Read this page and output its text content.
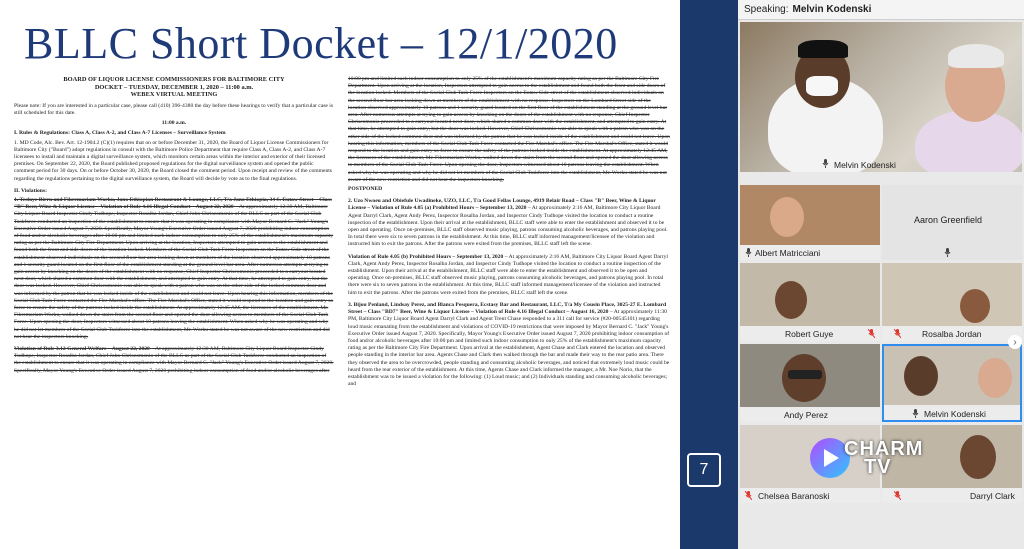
BLLC Short Docket – 12/1/2020
BOARD OF LIQUOR LICENSE COMMISSIONERS FOR BALTIMORE CITY
DOCKET – TUESDAY, DECEMBER 1, 2020 – 11:00 a.m.
WEBEX VIRTUAL MEETING

Please note: If you are interested in a particular case, please call (410) 396-4380 the day before these hearings to verify that a particular case is still scheduled for this date.

11:00 a.m.

I. Rules & Regulations: Class A, Class A-2, and Class A-7 Licenses – Surveillance System

1. MD Code, Alc. Bev. Art. 12-1904.2 (C)(1) requires that on or before December 31, 2020, the Board of Liquor License Commissioners for Baltimore City ("Board") adopt regulations in consult with the Baltimore Police Department that require Class A, Class A-2, and Class A-7 licensees to install and maintain a digital surveillance system, which monitors certain areas within the interior and exterior of their licensed premises. On September 22, 2020, the Board published proposed regulations for the digital surveillance system and opened the public comment period for 30 days. On or before October 30, 2020, the Board closed the comment period. Upon receipt and review of the comments regarding the regulations pertaining to the digital surveillance system, the Board will decide by vote as to the final regulations.

II. Violations:

1. Tesfaye Birru and Fikremariam Worku, Jano Ethiopian Restaurant & Lounge, LLC, T/a Jano Ethiopia, 34 S. Eutaw Street – Class "B" Beer, Wine & Liquor License – Violation of Rule 4.16 Illegal Conduct – August 22, 2020 – At approximately 12:30 AM, Baltimore City Liquor Board Inspector Cindy Tudhope, Inspector Rosalba Jordan, Chief John Chriscomonio of the BLLC as part of the Social Club Taskforce conducted an inspection of the establishment to ensure that it was operating in compliance with Mayor Bernard C. "Jack" Young's Executive Order issued August 7, 2020. Specifically, Mayor Young's Executive Order issued August 7, 2020 prohibiting indoor consumption of food and/or alcoholic beverages after 10:00 pm and limited such indoor consumption to only 25% of the establishment's maximum capacity rating as per the Baltimore City Fire Department. Upon arriving at the location, Inspectors attempted to gain access to the establishment and found both the front and side doors of the location locked. Members of the Social Club Task Force Inspectors on the Eutaw Side street of the establishment observed individuals on the second floor bar area looking down at members of the location observed approximately 10 patrons and 1 security guard located on the first floor of the establishment standing at the ground level bar area. After numerous attempts at trying to gain access by knocking on the doors of the establishment with no response, Chief Inspector Chriscomonio proceeded to a carryout located next door, which shared a common door with the establishment, and attempted to gain entry. At that time, he attempted to gain entry, but the door was locked. However, Chief Chriscomonio was able to speak with a patron who was on the other side of the locked common door and was informed by the patron that he was locked inside of the establishment and could not leave. Upon hearing this information, members of the Social Club Task Force contacted the Fire Marshal's office. The Fire Marshal's Office, stated it would respond to the location and gain entry so force to ensure the safety of the patrons locked inside the establishment. At approximately 12:45 AM, the licensees of the establishment, Mr. Fikremariam Worku, walked down the stairs from the second floor and opened the door allowing access to members of the Social Club Task Force. Upon opening the door, Inspectors witnessed about 10 patrons leaving the establishment. When asked why he was operating and why he did not let members of the Social Club Taskforce into the establishment, Mr. Worku stated he was not aware of the new restriction and did not hear the inspectors knocking.

Violation of Rule 3.12 General Welfare – August 22, 2020 – At approximately 12:30 AM, Baltimore City Liquor Board Inspector Cindy Tudhope, Inspector Rosalba Jordan, Chief John Chriscomonio of the BLLC as part of the Social Club Taskforce conducted an inspection of the establishment to ensure that it was operating in compliance with Mayor Bernard C. "Jack" Young's Executive Order issued August 7, 2020. Specifically, Mayor Young's Executive Order issued August 7, 2020 prohibiting indoor consumption of food and/or alcoholic beverages after

10:00 pm and limited such indoor consumption to only 25% of the establishment's maximum capacity rating as per the Baltimore City Fire Department. Upon arriving at the location, Inspectors attempted to gain access to the establishment and found both the front and side doors of the location locked. Members of the Social Club Task Force Inspectors on the Eutaw Side street of the establishment observed individuals on the second floor bar area looking down at members of the establishment with no response. Inspectors on the Lombard Street side of the location observed approximately 10 patrons and 1 security guard located on the first floor of the establishment standing at the ground level bar area. After numerous attempts at trying to gain access by knocking on the doors of the establishment with no response, Chief Inspector Chriscomonio proceeded to a carryout located next door, which shared a common door with the establishment, and attempted to gain entry. At that time, he attempted to gain entry, but the door was locked. However, Chief Chriscomonio was able to speak with a patron who was on the other side of the locked common door and was informed by the patron that he was locked inside of the establishment and could not leave. Upon hearing this information, members of the Social Club Task Force contacted the Fire Marshal's office. The Fire Marshal's Office, stated it would respond to the location and gain entry so force to ensure the safety of the patrons locked inside the establishment. At approximately 12:45 AM, the licensees of the establishment, Mr. Fikremariam Worku, walked down the stairs from the second floor and opened the door allowing access to members of the Social Club Task Force. Upon opening the door, Inspectors witnessed about 10 patrons leaving the establishment. When asked why he was operating and why he did not let members of the Social Club Taskforce into the establishment, Mr. Worku stated he was not aware of the new restriction and did not hear the inspectors knocking.

POSTPONED

2. Uzo Nwoeu and Obiefule Uwadineke, UZO, LLC, T/a Good Fellas Lounge, 4919 Belair Road – Class "B" Beer, Wine & Liquor License – Violation of Rule 4.05 (a) Prohibited Hours – September 13, 2020 – At approximately 2:16 AM, Baltimore City Liquor Board Agent Darryl Clark, Agent Andy Perez, Inspector Rosalba Jordan, and Inspector Cindy Tudhope visited the location to conduct a routine inspection of the establishment. Upon their arrival at the establishment, BLLC staff were able to enter the establishment and observed it to be open and operating. Once on-premises, BLLC staff observed music playing, patrons consuming alcoholic beverages, and patrons playing pool. In total there were six to seven patrons in the establishment. At this time, BLLC staff informed management/licensee of the violation and instructed him to exit the patrons. After the patrons were exited from the premises, BLLC staff left the scene.

Violation of Rule 4.05 (b) Prohibited Hours – September 13, 2020 – At approximately 2:16 AM, Baltimore City Liquor Board Agent Darryl Clark, Agent Andy Perez, Inspector Rosalba Jordan, and Inspector Cindy Tudhope visited the location to conduct a routine inspection of the establishment. Upon their arrival at the establishment, BLLC staff were able to enter the establishment and observed it to be open and operating. Once on-premises, BLLC staff observed music playing, patrons consuming alcoholic beverages, and patrons playing pool. In total there were six to seven patrons in the establishment. At this time, BLLC staff informed management/licensee of the violation and instructed him to exit the patrons. After the patrons were exited from the premises, BLLC staff left the scene.

3. Bijou Penland, Lindsay Perez, and Blanca Pesquera, Ecstasy Bar and Restaurant, LLC, T/a My Cousin Place, 3025-27 E. Lombard Street – Class "BD7" Beer, Wine & Liquor License – Violation of Rule 4.16 Illegal Conduct – August 16, 2020 – At approximately 11:30 PM, Baltimore City Liquor Board Agent Darryl Clark and Agent Trent Chase responded to a 311 call for service (#20-00545101) regarding loud music emanating from the establishment and violations of COVID-19 restrictions that were imposed by Mayor Bernard C. "Jack" Young's Executive Order issued August 7, 2020. Specifically, Mayor Young's Executive Order issued August 7, 2020 prohibiting indoor consumption of food and/or alcoholic beverages after 10:00 pm and limited such indoor consumption to only 25% of the establishment's maximum capacity rating as per the Baltimore City Fire Department. Upon arrival at the establishment, Agent Chase and Clark entered the location and observed people standing in the interior bar area. Agents Chase and Clark then walked through the bar and made their way to the rear patio area. There they observed the area to be overcrowded, people standing and consuming alcoholic beverages, and noticed that extremely loud music could be heard from the rear exterior of the establishment. At this time, Agents Chase and Clark informed the manager, a Mr. Noe Norio, that the establishment was to be issued a violation for the following: (1) Loud music; and (2) Individuals standing and consuming alcoholic beverages; and

7
Speaking: Melvin Kodenski
Melvin Kodenski
Albert Matricciani
Aaron Greenfield
Robert Guye	Rosalba Jordan
Andy Perez	Melvin Kodenski
Chelsea Baranoski	Darryl Clark
›
CHARM
TV
